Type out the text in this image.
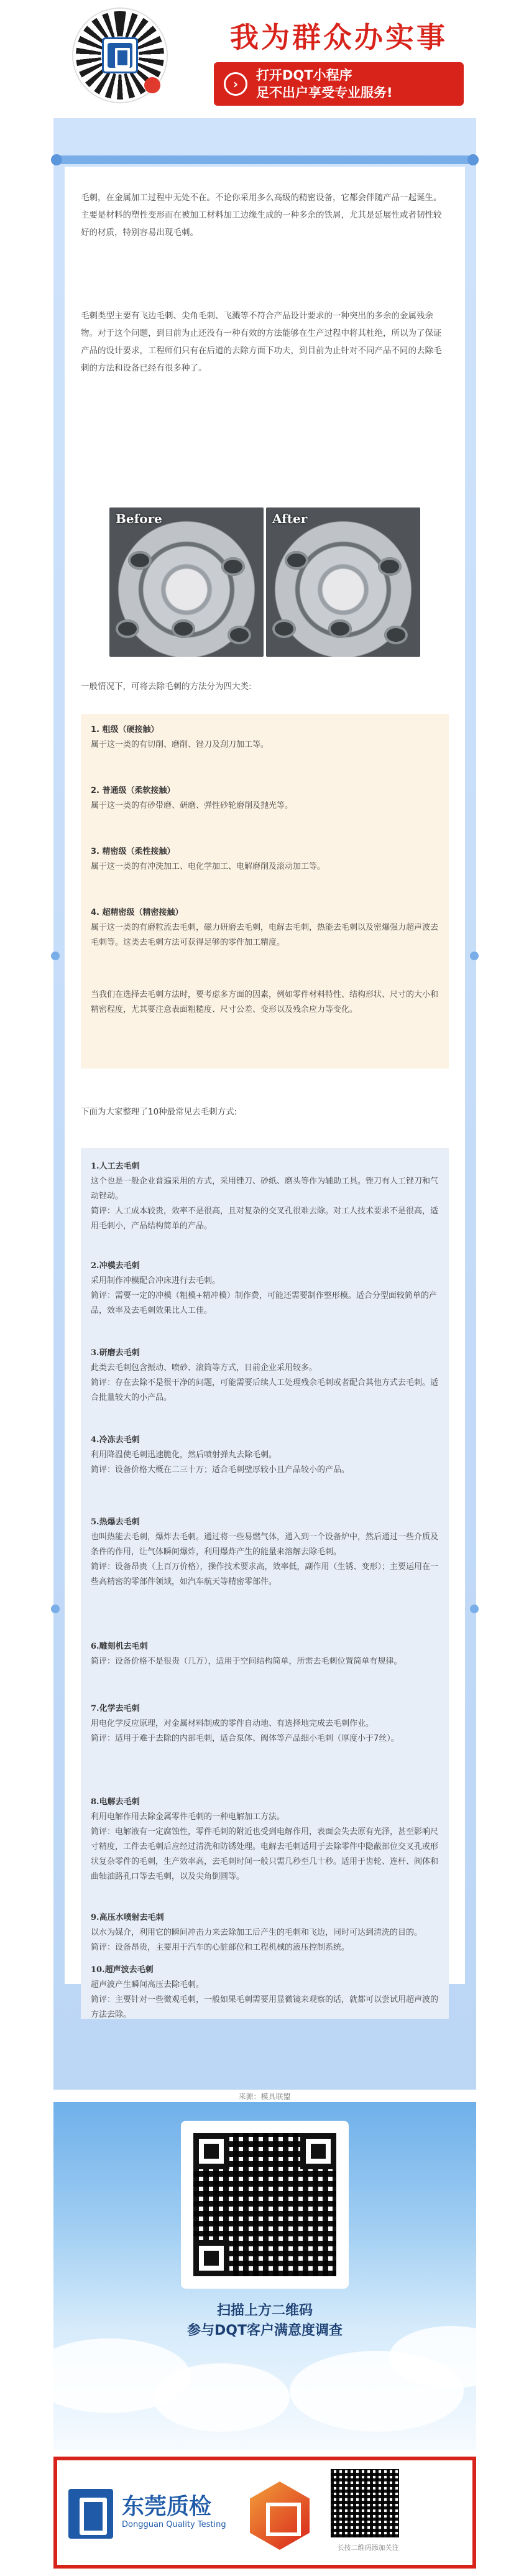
我为群众办实事
›
打开DQT小程序
足不出户享受专业服务!

毛刺，在金属加工过程中无处不在。不论你采用多么高级的精密设备，它都会伴随产品一起诞生。主要是材料的塑性变形而在被加工材料加工边缘生成的一种多余的铁屑，尤其是延展性或者韧性较好的材质，特别容易出现毛刺。

毛刺类型主要有飞边毛刺、尖角毛刺、飞溅等不符合产品设计要求的一种突出的多余的金属残余物。对于这个问题，到目前为止还没有一种有效的方法能够在生产过程中将其杜绝，所以为了保证产品的设计要求，工程师们只有在后道的去除方面下功夫，到目前为止针对不同产品不同的去除毛刺的方法和设备已经有很多种了。

Before	After

一般情况下，可将去除毛刺的方法分为四大类:

1. 粗级（硬接触）
属于这一类的有切削、磨削、锉刀及刮刀加工等。
2. 普通级（柔软接触）
属于这一类的有砂带磨、研磨、弹性砂轮磨削及抛光等。
3. 精密级（柔性接触）
属于这一类的有冲洗加工、电化学加工、电解磨削及滚动加工等。
4. 超精密级（精密接触）
属于这一类的有磨粒流去毛刺，磁力研磨去毛刺，电解去毛刺，热能去毛刺以及密爆强力超声波去毛刺等。这类去毛刺方法可获得足够的零件加工精度。
当我们在选择去毛刺方法时，要考虑多方面的因素，例如零件材料特性、结构形状、尺寸的大小和精密程度，尤其要注意表面粗糙度、尺寸公差、变形以及残余应力等变化。

下面为大家整理了10种最常见去毛刺方式:

1.人工去毛刺
这个也是一般企业普遍采用的方式，采用锉刀、砂纸、磨头等作为辅助工具。锉刀有人工锉刀和气动锉动。
简评：人工成本较贵，效率不是很高，且对复杂的交叉孔很难去除。对工人技术要求不是很高，适用毛刺小，产品结构简单的产品。
2.冲模去毛刺
采用制作冲模配合冲床进行去毛刺。
简评：需要一定的冲模（粗模+精冲模）制作费，可能还需要制作整形模。适合分型面较简单的产品，效率及去毛刺效果比人工佳。
3.研磨去毛刺
此类去毛刺包含振动、喷砂、滚筒等方式，目前企业采用较多。
简评：存在去除不是很干净的问题，可能需要后续人工处理残余毛刺或者配合其他方式去毛刺。适合批量较大的小产品。
4.冷冻去毛刺
利用降温使毛刺迅速脆化，然后喷射弹丸去除毛刺。
简评：设备价格大概在二三十万；适合毛刺壁厚较小且产品较小的产品。
5.热爆去毛刺
也叫热能去毛刺，爆炸去毛刺。通过将一些易燃气体，通入到一个设备炉中，然后通过一些介质及条件的作用，让气体瞬间爆炸，利用爆炸产生的能量来溶解去除毛刺。
简评：设备昂贵（上百万价格），操作技术要求高，效率低，副作用（生锈、变形）；主要运用在一些高精密的零部件领域，如汽车航天等精密零部件。
6.雕刻机去毛刺
简评：设备价格不是很贵（几万），适用于空间结构简单，所需去毛刺位置简单有规律。
7.化学去毛刺
用电化学反应原理，对金属材料制成的零件自动地、有选择地完成去毛刺作业。
简评：适用于难于去除的内部毛刺，适合泵体、阀体等产品细小毛刺（厚度小于7丝）。
8.电解去毛刺
利用电解作用去除金属零件毛刺的一种电解加工方法。
简评：电解液有一定腐蚀性，零件毛刺的附近也受到电解作用，表面会失去原有光泽，甚至影响尺寸精度，工件去毛刺后应经过清洗和防锈处理。电解去毛刺适用于去除零件中隐蔽部位交叉孔或形状复杂零件的毛刺，生产效率高，去毛刺时间一般只需几秒至几十秒。适用于齿轮、连杆、阀体和曲轴油路孔口等去毛刺，以及尖角倒圆等。
9.高压水喷射去毛刺
以水为媒介，利用它的瞬间冲击力来去除加工后产生的毛刺和飞边，同时可达到清洗的目的。
简评：设备昂贵，主要用于汽车的心脏部位和工程机械的液压控制系统。
10.超声波去毛刺
超声波产生瞬间高压去除毛刺。
简评：主要针对一些微观毛刺，一般如果毛刺需要用显微镜来观察的话，就都可以尝试用超声波的方法去除。
来源：模具联盟
扫描上方二维码
参与DQT客户满意度调查
东莞质检
Dongguan Quality Testing
长按二维码添加关注
